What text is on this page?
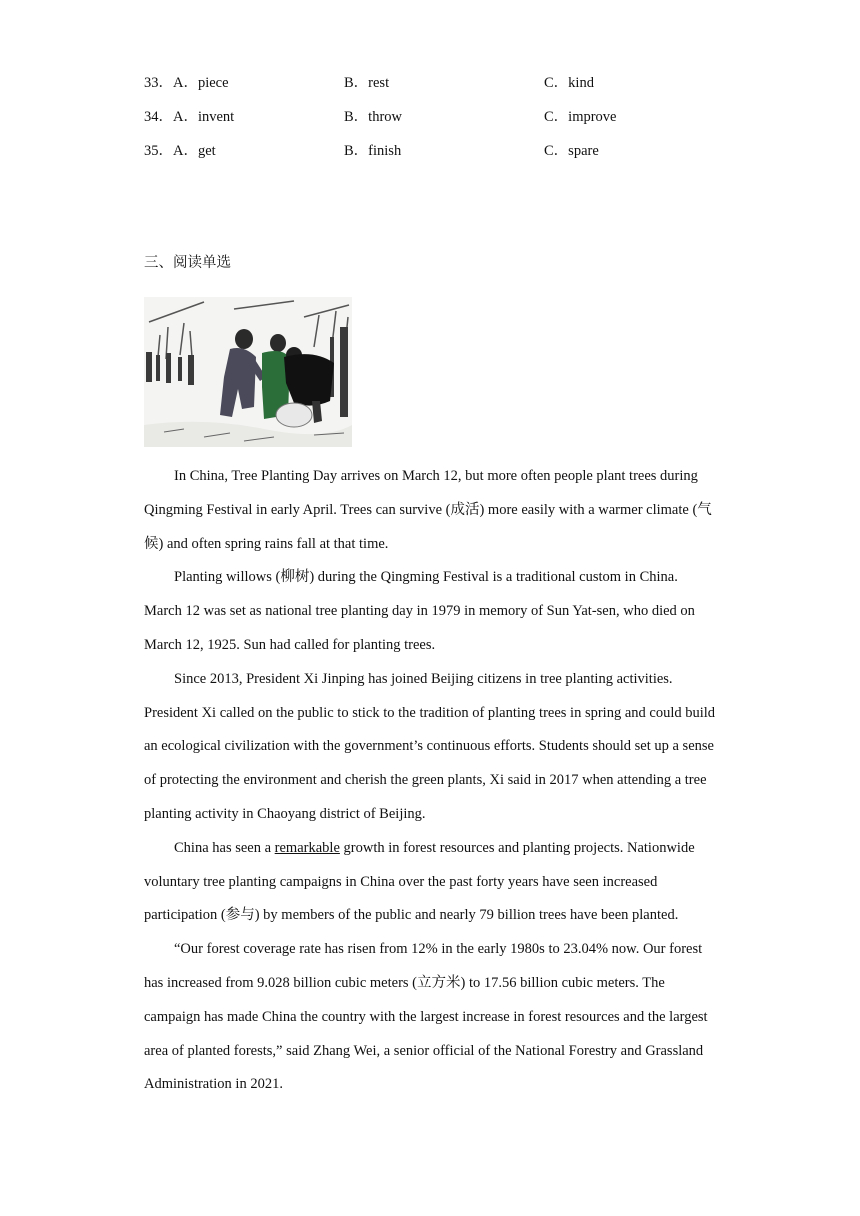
33．A．piece	B．rest	C．kind
34．A．invent	B．throw	C．improve
35．A．get	B．finish	C．spare
三、阅读单选

In China, Tree Planting Day arrives on March 12, but more often people plant trees during Qingming Festival in early April. Trees can survive (成活) more easily with a warmer climate (气候) and often spring rains fall at that time.

Planting willows (柳树) during the Qingming Festival is a traditional custom in China. March 12 was set as national tree planting day in 1979 in memory of Sun Yat-sen, who died on March 12, 1925. Sun had called for planting trees.

Since 2013, President Xi Jinping has joined Beijing citizens in tree planting activities. President Xi called on the public to stick to the tradition of planting trees in spring and could build an ecological civilization with the government’s continuous efforts. Students should set up a sense of protecting the environment and cherish the green plants, Xi said in 2017 when attending a tree planting activity in Chaoyang district of Beijing.

China has seen a remarkable growth in forest resources and planting projects. Nationwide voluntary tree planting campaigns in China over the past forty years have seen increased participation (参与) by members of the public and nearly 79 billion trees have been planted.

“Our forest coverage rate has risen from 12% in the early 1980s to 23.04% now. Our forest has increased from 9.028 billion cubic meters (立方米) to 17.56 billion cubic meters. The campaign has made China the country with the largest increase in forest resources and the largest area of planted forests,” said Zhang Wei, a senior official of the National Forestry and Grassland Administration in 2021.
